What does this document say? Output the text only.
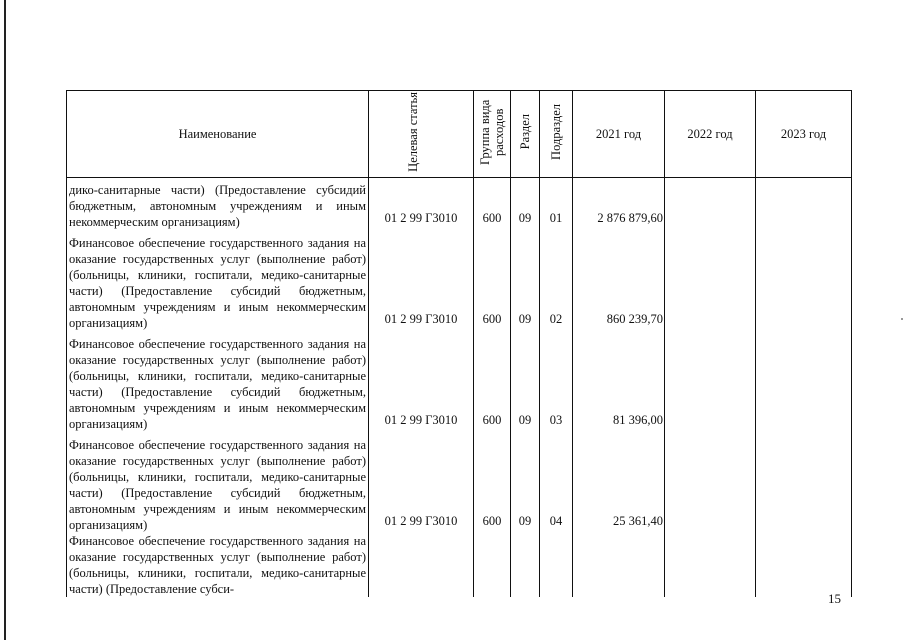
Наименование	Целевая статья	Группа вида расходов	Раздел	Подраздел	2021 год	2022 год	2023 год

дико-санитарные части) (Предоставление субсидий бюджетным, автономным учреждениям и иным некоммерческим организациям)	01 2 99 Г3010	600	09	01	2 876 879,60		

Финансовое обеспечение государственного задания на оказание государственных услуг (выполнение работ) (больницы, клиники, госпитали, медико-санитарные части) (Предоставление субсидий бюджетным, автономным учреждениям и иным некоммерческим организациям)	01 2 99 Г3010	600	09	02	860 239,70		

Финансовое обеспечение государственного задания на оказание государственных услуг (выполнение работ) (больницы, клиники, госпитали, медико-санитарные части) (Предоставление субсидий бюджетным, автономным учреждениям и иным некоммерческим организациям)	01 2 99 Г3010	600	09	03	81 396,00		

Финансовое обеспечение государственного задания на оказание государственных услуг (выполнение работ) (больницы, клиники, госпитали, медико-санитарные части) (Предоставление субсидий бюджетным, автономным учреждениям и иным некоммерческим организациям)	01 2 99 Г3010	600	09	04	25 361,40		

Финансовое обеспечение государственного задания на оказание государственных услуг (выполнение работ) (больницы, клиники, госпитали, медико-санитарные части) (Предоставление субси-							

15
